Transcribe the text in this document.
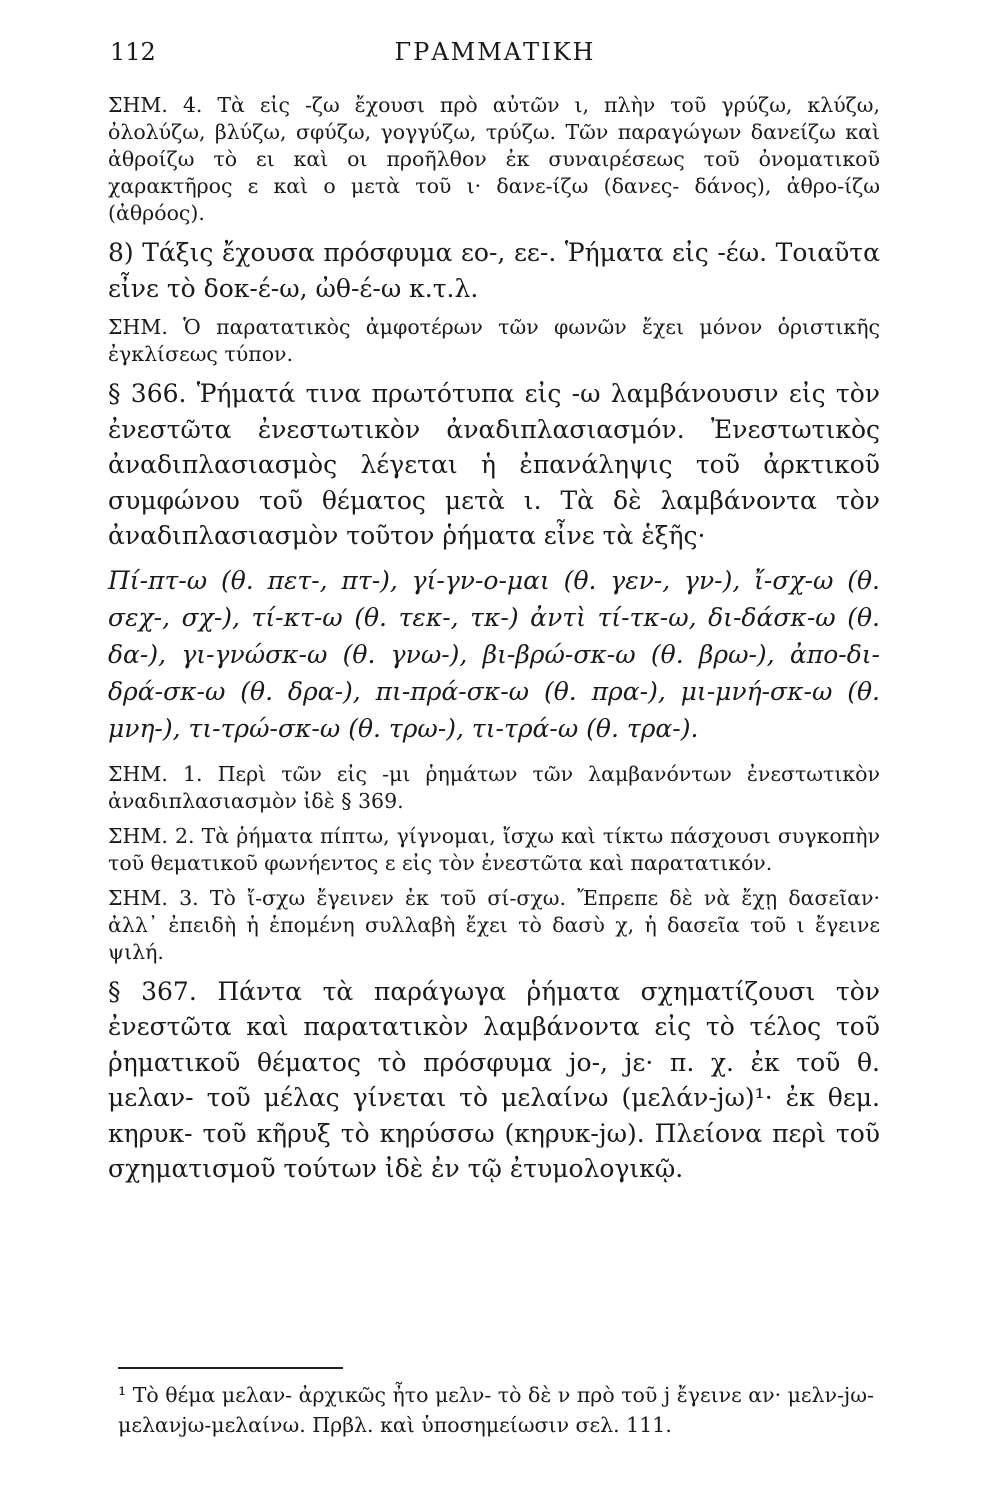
112	ΓΡΑΜΜΑΤΙΚΗ

ΣΗΜ. 4. Τὰ εἰς -ζω ἔχουσι πρὸ αὐτῶν ι, πλὴν τοῦ γρύζω, κλύζω, ὀλολύζω, βλύζω, σφύζω, γογγύζω, τρύζω. Τῶν παραγώγων δανείζω καὶ ἀθροίζω τὸ ει καὶ οι προῆλθον ἐκ συναιρέσεως τοῦ ὀνοματικοῦ χαρακτῆρος ε καὶ ο μετὰ τοῦ ι· δανε-ίζω (δανες- δάνος), ἀθρο-ίζω (ἀθρόος).

8) Τάξις ἔχουσα πρόσφυμα εο-, εε-. Ῥήματα εἰς -έω. Τοιαῦτα εἶνε τὸ δοκ-έ-ω, ὠθ-έ-ω κ.τ.λ.

ΣΗΜ. Ὁ παρατατικὸς ἀμφοτέρων τῶν φωνῶν ἔχει μόνον ὁριστικῆς ἐγκλίσεως τύπον.

§ 366. Ῥήματά τινα πρωτότυπα εἰς -ω λαμβάνουσιν εἰς τὸν ἐνεστῶτα ἐνεστωτικὸν ἀναδιπλασιασμόν. Ἐνεστωτικὸς ἀναδιπλασιασμὸς λέγεται ἡ ἐπανάληψις τοῦ ἀρκτικοῦ συμφώνου τοῦ θέματος μετὰ ι. Τὰ δὲ λαμβάνοντα τὸν ἀναδιπλασιασμὸν τοῦτον ῥήματα εἶνε τὰ ἑξῆς·

Πί-πτ-ω (θ. πετ-, πτ-), γί-γν-ο-μαι (θ. γεν-, γν-), ἴ-σχ-ω (θ. σεχ-, σχ-), τί-κτ-ω (θ. τεκ-, τκ-) ἀντὶ τί-τκ-ω, δι-δάσκ-ω (θ. δα-), γι-γνώσκ-ω (θ. γνω-), βι-βρώ-σκ-ω (θ. βρω-), ἀπο-δι-δρά-σκ-ω (θ. δρα-), πι-πρά-σκ-ω (θ. πρα-), μι-μνή-σκ-ω (θ. μνη-), τι-τρώ-σκ-ω (θ. τρω-), τι-τρά-ω (θ. τρα-).

ΣΗΜ. 1. Περὶ τῶν εἰς -μι ῥημάτων τῶν λαμβανόντων ἐνεστωτικὸν ἀναδιπλασιασμὸν ἰδὲ § 369.

ΣΗΜ. 2. Τὰ ῥήματα πίπτω, γίγνομαι, ἴσχω καὶ τίκτω πάσχουσι συγκοπὴν τοῦ θεματικοῦ φωνήεντος ε εἰς τὸν ἐνεστῶτα καὶ παρατατικόν.

ΣΗΜ. 3. Τὸ ἴ-σχω ἔγεινεν ἐκ τοῦ σί-σχω. Ἔπρεπε δὲ νὰ ἔχῃ δασεῖαν· ἀλλ᾽ ἐπειδὴ ἡ ἑπομένη συλλαβὴ ἔχει τὸ δασὺ χ, ἡ δασεῖα τοῦ ι ἔγεινε ψιλή.

§ 367. Πάντα τὰ παράγωγα ῥήματα σχηματίζουσι τὸν ἐνεστῶτα καὶ παρατατικὸν λαμβάνοντα εἰς τὸ τέλος τοῦ ῥηματικοῦ θέματος τὸ πρόσφυμα jο-, jε· π. χ. ἐκ τοῦ θ. μελαν- τοῦ μέλας γίνεται τὸ μελαίνω (μελάν-jω)¹· ἐκ θεμ. κηρυκ- τοῦ κῆρυξ τὸ κηρύσσω (κηρυκ-jω). Πλείονα περὶ τοῦ σχηματισμοῦ τούτων ἰδὲ ἐν τῷ ἐτυμολογικῷ.

¹ Τὸ θέμα μελαν- ἀρχικῶς ἦτο μελν- τὸ δὲ ν πρὸ τοῦ j ἔγεινε αν· μελν-jω-μελανjω-μελαίνω. Πρβλ. καὶ ὑποσημείωσιν σελ. 111.
